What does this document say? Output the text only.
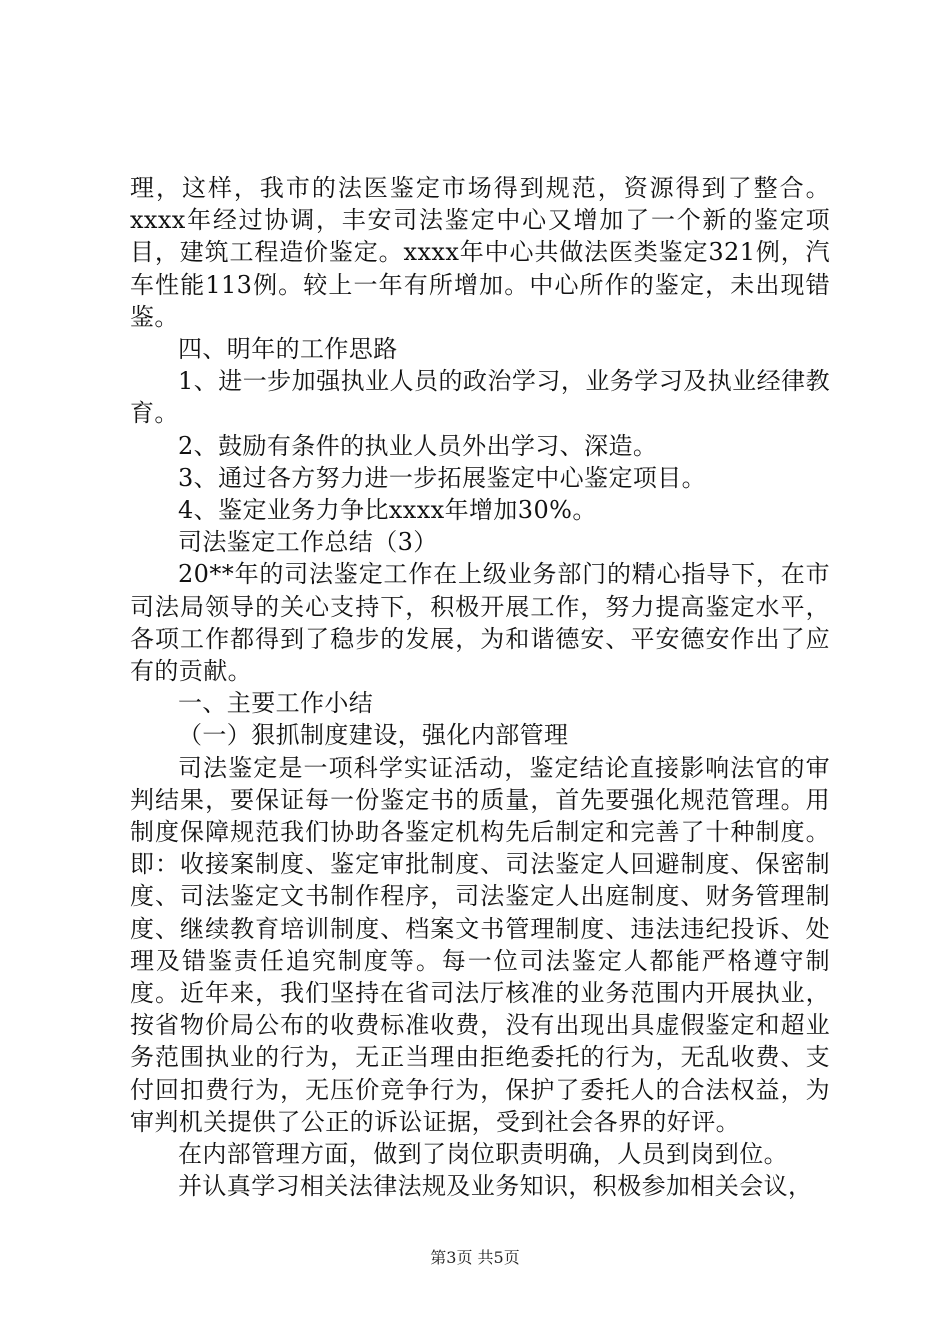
理，这样，我市的法医鉴定市场得到规范，资源得到了整合。xxxx年经过协调，丰安司法鉴定中心又增加了一个新的鉴定项目，建筑工程造价鉴定。xxxx年中心共做法医类鉴定321例，汽车性能113例。较上一年有所增加。中心所作的鉴定，未出现错鉴。

四、明年的工作思路

1、进一步加强执业人员的政治学习，业务学习及执业经律教育。

2、鼓励有条件的执业人员外出学习、深造。

3、通过各方努力进一步拓展鉴定中心鉴定项目。

4、鉴定业务力争比xxxx年增加30%。

司法鉴定工作总结（3）

20**年的司法鉴定工作在上级业务部门的精心指导下，在市司法局领导的关心支持下，积极开展工作，努力提高鉴定水平，各项工作都得到了稳步的发展，为和谐德安、平安德安作出了应有的贡献。

一、主要工作小结

（一）狠抓制度建设，强化内部管理

司法鉴定是一项科学实证活动，鉴定结论直接影响法官的审判结果，要保证每一份鉴定书的质量，首先要强化规范管理。用制度保障规范我们协助各鉴定机构先后制定和完善了十种制度。即：收接案制度、鉴定审批制度、司法鉴定人回避制度、保密制度、司法鉴定文书制作程序，司法鉴定人出庭制度、财务管理制度、继续教育培训制度、档案文书管理制度、违法违纪投诉、处理及错鉴责任追究制度等。每一位司法鉴定人都能严格遵守制度。近年来，我们坚持在省司法厅核准的业务范围内开展执业，按省物价局公布的收费标准收费，没有出现出具虚假鉴定和超业务范围执业的行为，无正当理由拒绝委托的行为，无乱收费、支付回扣费行为，无压价竞争行为，保护了委托人的合法权益，为审判机关提供了公正的诉讼证据，受到社会各界的好评。

在内部管理方面，做到了岗位职责明确，人员到岗到位。

并认真学习相关法律法规及业务知识，积极参加相关会议，

第3页 共5页
